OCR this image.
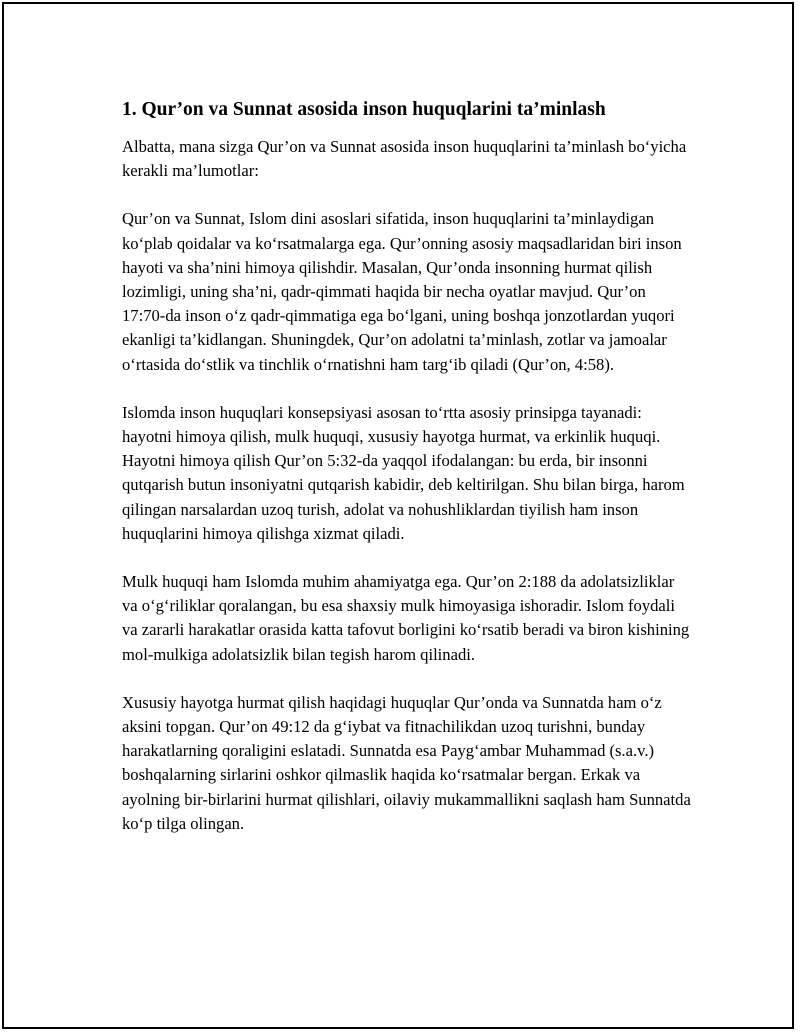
1. Qur’on va Sunnat asosida inson huquqlarini ta’minlash

Albatta, mana sizga Qur’on va Sunnat asosida inson huquqlarini ta’minlash bo‘yicha kerakli ma’lumotlar:

Qur’on va Sunnat, Islom dini asoslari sifatida, inson huquqlarini ta’minlaydigan ko‘plab qoidalar va ko‘rsatmalarga ega. Qur’onning asosiy maqsadlaridan biri inson hayoti va sha’nini himoya qilishdir. Masalan, Qur’onda insonning hurmat qilish lozimligi, uning sha’ni, qadr-qimmati haqida bir necha oyatlar mavjud. Qur’on 17:70-da inson o‘z qadr-qimmatiga ega bo‘lgani, uning boshqa jonzotlardan yuqori ekanligi ta’kidlangan. Shuningdek, Qur’on adolatni ta’minlash, zotlar va jamoalar o‘rtasida do‘stlik va tinchlik o‘rnatishni ham targ‘ib qiladi (Qur’on, 4:58).

Islomda inson huquqlari konsepsiyasi asosan to‘rtta asosiy prinsipga tayanadi: hayotni himoya qilish, mulk huquqi, xususiy hayotga hurmat, va erkinlik huquqi. Hayotni himoya qilish Qur’on 5:32-da yaqqol ifodalangan: bu erda, bir insonni qutqarish butun insoniyatni qutqarish kabidir, deb keltirilgan. Shu bilan birga, harom qilingan narsalardan uzoq turish, adolat va nohushliklardan tiyilish ham inson huquqlarini himoya qilishga xizmat qiladi.

Mulk huquqi ham Islomda muhim ahamiyatga ega. Qur’on 2:188 da adolatsizliklar va o‘g‘riliklar qoralangan, bu esa shaxsiy mulk himoyasiga ishoradir. Islom foydali va zararli harakatlar orasida katta tafovut borligini ko‘rsatib beradi va biron kishining mol-mulkiga adolatsizlik bilan tegish harom qilinadi.

Xususiy hayotga hurmat qilish haqidagi huquqlar Qur’onda va Sunnatda ham o‘z aksini topgan. Qur’on 49:12 da g‘iybat va fitnachilikdan uzoq turishni, bunday harakatlarning qoraligini eslatadi. Sunnatda esa Payg‘ambar Muhammad (s.a.v.) boshqalarning sirlarini oshkor qilmaslik haqida ko‘rsatmalar bergan. Erkak va ayolning bir-birlarini hurmat qilishlari, oilaviy mukammallikni saqlash ham Sunnatda ko‘p tilga olingan.
